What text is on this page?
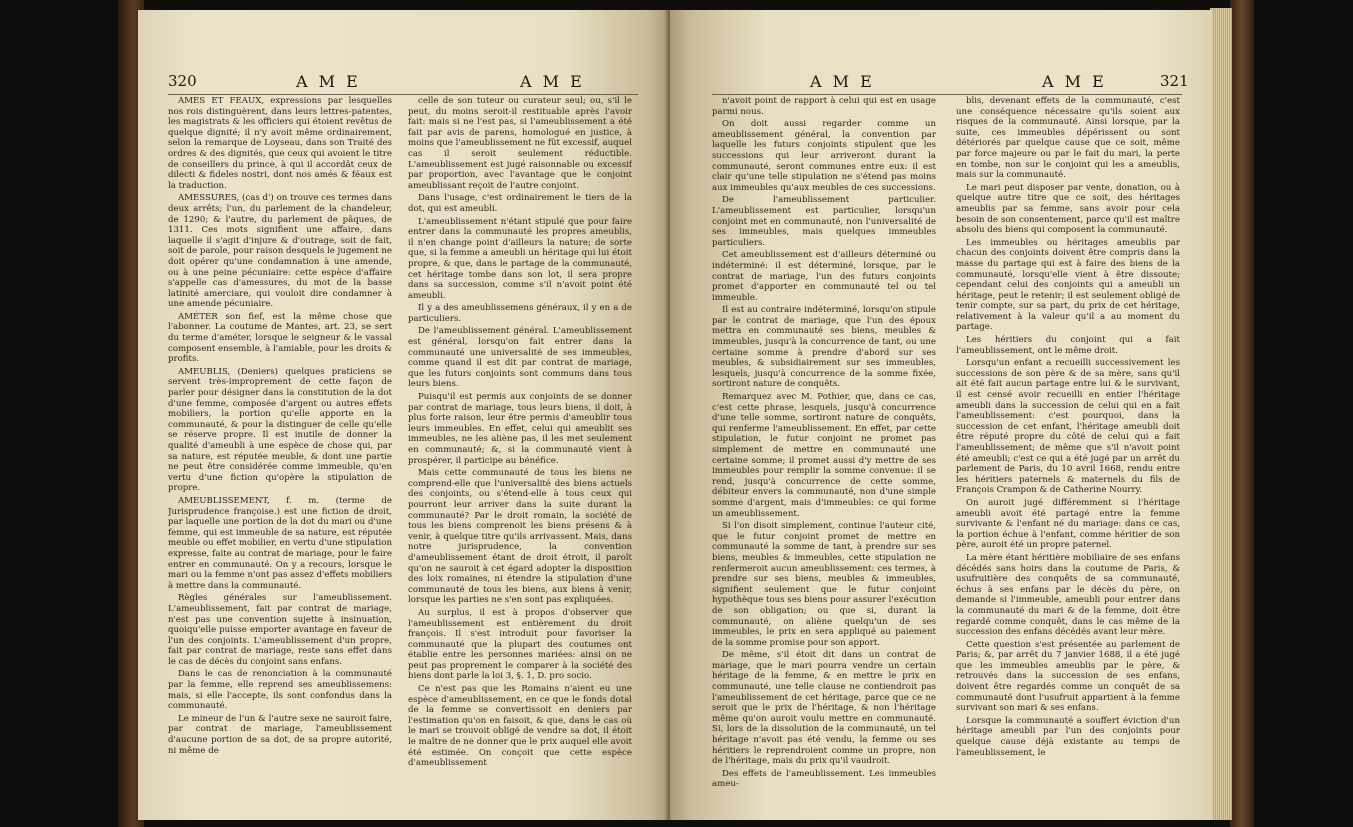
320	A M E	A M E

AMÉS ET FÉAUX, expressions par lesquelles nos rois distinguèrent, dans leurs lettres-patentes, les magistrats & les officiers qui étoient revêtus de quelque dignité; il n'y avoit même ordinairement, selon la remarque de Loyseau, dans son Traité des ordres & des dignités, que ceux qui avoient le titre de conseillers du prince, à qui il accordât ceux de dilecti & fideles nostri, dont nos amés & féaux est la traduction.

AMESSURES, (cas d') on trouve ces termes dans deux arrêts; l'un, du parlement de la chandeleur, de 1290; & l'autre, du parlement de pâques, de 1311. Ces mots signifient une affaire, dans laquelle il s'agit d'injure & d'outrage, soit de fait, soit de parole, pour raison desquels le jugement ne doit opérer qu'une condamnation à une amende, ou à une peine pécuniaire: cette espèce d'affaire s'appelle cas d'amessures, du mot de la basse latinité amerciare, qui vouloit dire condamner à une amende pécuniaire.

AMÉTER son fief, est la même chose que l'abonner. La coutume de Mantes, art. 23, se sert du terme d'améter, lorsque le seigneur & le vassal composent ensemble, à l'amiable, pour les droits & profits.

AMEUBLIS, (Deniers) quelques praticiens se servent très-improprement de cette façon de parler pour désigner dans la constitution de la dot d'une femme, composée d'argent ou autres effets mobiliers, la portion qu'elle apporte en la communauté, & pour la distinguer de celle qu'elle se réserve propre. Il est inutile de donner la qualité d'ameubli à une espèce de chose qui, par sa nature, est réputée meuble, & dont une partie ne peut être considérée comme immeuble, qu'en vertu d'une fiction qu'opère la stipulation de propre.

AMEUBLISSEMENT, f. m. (terme de Jurisprudence françoise.) est une fiction de droit, par laquelle une portion de la dot du mari ou d'une femme, qui est immeuble de sa nature, est réputée meuble ou effet mobilier, en vertu d'une stipulation expresse, faite au contrat de mariage, pour le faire entrer en communauté. On y a recours, lorsque le mari ou la femme n'ont pas assez d'effets mobiliers à mettre dans la communauté.

Règles générales sur l'ameublissement. L'ameublissement, fait par contrat de mariage, n'est pas une convention sujette à insinuation, quoiqu'elle puisse emporter avantage en faveur de l'un des conjoints. L'ameublissement d'un propre, fait par contrat de mariage, reste sans effet dans le cas de décès du conjoint sans enfans.

Dans le cas de renonciation à la communauté par la femme, elle reprend ses ameublissemens: mais, si elle l'accepte, ils sont confondus dans la communauté.

Le mineur de l'un & l'autre sexe ne sauroit faire, par contrat de mariage, l'ameublissement d'aucune portion de sa dot, de sa propre autorité, ni même de

celle de son tuteur ou curateur seul; ou, s'il le peut, du moins seroit-il restituable après l'avoir fait: mais si ne l'est pas, si l'ameublissement a été fait par avis de parens, homologué en justice, à moins que l'ameublissement ne fût excessif, auquel cas il seroit seulement réductible. L'ameublissement est jugé raisonnable ou excessif par proportion, avec l'avantage que le conjoint ameublissant reçoit de l'autre conjoint.

Dans l'usage, c'est ordinairement le tiers de la dot, qui est ameubli.

L'ameublissement n'étant stipulé que pour faire entrer dans la communauté les propres ameublis, il n'en change point d'ailleurs la nature; de sorte que, si la femme a ameubli un héritage qui lui étoit propre, & que, dans le partage de la communauté, cet héritage tombe dans son lot, il sera propre dans sa succession, comme s'il n'avoit point été ameubli.

Il y a des ameublissemens généraux, il y en a de particuliers.

De l'ameublissement général. L'ameublissement est général, lorsqu'on fait entrer dans la communauté une universalité de ses immeubles, comme quand il est dit par contrat de mariage, que les futurs conjoints sont communs dans tous leurs biens.

Puisqu'il est permis aux conjoints de se donner par contrat de mariage, tous leurs biens, il doit, à plus forte raison, leur être permis d'ameublir tous leurs immeubles. En effet, celui qui ameublit ses immeubles, ne les aliène pas, il les met seulement en communauté; &, si la communauté vient à prospérer, il participe au bénéfice.

Mais cette communauté de tous les biens ne comprend-elle que l'universalité des biens actuels des conjoints, ou s'étend-elle à tous ceux qui pourront leur arriver dans la suite durant la communauté? Par le droit romain, la société de tous les biens comprenoit les biens présens & à venir, à quelque titre qu'ils arrivassent. Mais, dans notre jurisprudence, la convention d'ameublissement étant de droit étroit, il paroît qu'on ne sauroit à cet égard adopter la disposition des loix romaines, ni étendre la stipulation d'une communauté de tous les biens, aux biens à venir, lorsque les parties ne s'en sont pas expliquées.

Au surplus, il est à propos d'observer que l'ameublissement est entièrement du droit françois. Il s'est introduit pour favoriser la communauté que la plupart des coutumes ont établie entre les personnes mariées: ainsi on ne peut pas proprement le comparer à la société des biens dont parle la loi 3, §. 1, D. pro socio.

Ce n'est pas que les Romains n'aient eu une espèce d'ameublissement, en ce que le fonds dotal de la femme se convertissoit en deniers par l'estimation qu'on en faisoit, & que, dans le cas où le mari se trouvoit obligé de vendre sa dot, il étoit le maître de ne donner que le prix auquel elle avoit été estimée. On conçoit que cette espèce d'ameublissement

A M E	A M E	321

n'avoit point de rapport à celui qui est en usage parmi nous.

On doit aussi regarder comme un ameublissement général, la convention par laquelle les futurs conjoints stipulent que les successions qui leur arriveront durant la communauté, seront communes entre eux: il est clair qu'une telle stipulation ne s'étend pas moins aux immeubles qu'aux meubles de ces successions.

De l'ameublissement particulier. L'ameublissement est particulier, lorsqu'un conjoint met en communauté, non l'universalité de ses immeubles, mais quelques immeubles particuliers.

Cet ameublissement est d'ailleurs déterminé ou indéterminé: il est déterminé, lorsque, par le contrat de mariage, l'un des futurs conjoints promet d'apporter en communauté tel ou tel immeuble.

Il est au contraire indéterminé, lorsqu'on stipule par le contrat de mariage, que l'un des époux mettra en communauté ses biens, meubles & immeubles, jusqu'à la concurrence de tant, ou une certaine somme à prendre d'abord sur ses meubles, & subsidiairement sur ses immeubles, lesquels, jusqu'à concurrence de la somme fixée, sortiront nature de conquêts.

Remarquez avec M. Pothier, que, dans ce cas, c'est cette phrase, lesquels, jusqu'à concurrence d'une telle somme, sortiront nature de conquêts, qui renferme l'ameublissement. En effet, par cette stipulation, le futur conjoint ne promet pas simplement de mettre en communauté une certaine somme; il promet aussi d'y mettre de ses immeubles pour remplir la somme convenue: il se rend, jusqu'à concurrence de cette somme, débiteur envers la communauté, non d'une simple somme d'argent, mais d'immeubles: ce qui forme un ameublissement.

Si l'on disoit simplement, continue l'auteur cité, que le futur conjoint promet de mettre en communauté la somme de tant, à prendre sur ses biens, meubles & immeubles, cette stipulation ne renfermeroit aucun ameublissement: ces termes, à prendre sur ses biens, meubles & immeubles, signifient seulement que le futur conjoint hypothèque tous ses biens pour assurer l'exécution de son obligation; ou que si, durant la communauté, on aliène quelqu'un de ses immeubles, le prix en sera appliqué au paiement de la somme promise pour son apport.

De même, s'il étoit dit dans un contrat de mariage, que le mari pourra vendre un certain héritage de la femme, & en mettre le prix en communauté, une telle clause ne contiendroit pas l'ameublissement de cet héritage, parce que ce ne seroit que le prix de l'héritage, & non l'héritage même qu'on auroit voulu mettre en communauté. Si, lors de la dissolution de la communauté, un tel héritage n'avoit pas été vendu, la femme ou ses héritiers le reprendroient comme un propre, non de l'héritage, mais du prix qu'il vaudroit.

Des effets de l'ameublissement. Les immeubles ameu-

blis, devenant effets de la communauté, c'est une conséquence nécessaire qu'ils soient aux risques de la communauté. Ainsi lorsque, par la suite, ces immeubles dépérissent ou sont détériorés par quelque cause que ce soit, même par force majeure ou par le fait du mari, la perte en tombe, non sur le conjoint qui les a ameublis, mais sur la communauté.

Le mari peut disposer par vente, donation, ou à quelque autre titre que ce soit, des héritages ameublis par sa femme, sans avoir pour cela besoin de son consentement, parce qu'il est maître absolu des biens qui composent la communauté.

Les immeubles ou héritages ameublis par chacun des conjoints doivent être compris dans la masse du partage qui est à faire des biens de la communauté, lorsqu'elle vient à être dissoute; cependant celui des conjoints qui a ameubli un héritage, peut le retenir; il est seulement obligé de tenir compte, sur sa part, du prix de cet héritage, relativement à la valeur qu'il a au moment du partage.

Les héritiers du conjoint qui a fait l'ameublissement, ont le même droit.

Lorsqu'un enfant a recueilli successivement les successions de son père & de sa mère, sans qu'il ait été fait aucun partage entre lui & le survivant, il est censé avoir recueilli en entier l'héritage ameubli dans la succession de celui qui en a fait l'ameublissement: c'est pourquoi, dans la succession de cet enfant, l'héritage ameubli doit être réputé propre du côté de celui qui a fait l'ameublissement; de même que s'il n'avoit point été ameubli; c'est ce qui a été jugé par un arrêt du parlement de Paris, du 10 avril 1668, rendu entre les héritiers paternels & maternels du fils de François Crampon & de Catherine Nourry.

On auroit jugé différemment si l'héritage ameubli avoit été partagé entre la femme survivante & l'enfant né du mariage: dans ce cas, la portion échue à l'enfant, comme héritier de son père, auroit été un propre paternel.

La mère étant héritière mobiliaire de ses enfans décédés sans hoirs dans la coutume de Paris, & usufruitière des conquêts de sa communauté, échus à ses enfans par le décès du père, on demande si l'immeuble, ameubli pour entrer dans la communauté du mari & de la femme, doit être regardé comme conquêt, dans le cas même de la succession des enfans décédés avant leur mère.

Cette question s'est présentée au parlement de Paris; &, par arrêt du 7 janvier 1688, il a été jugé que les immeubles ameublis par le père, & retrouvés dans la succession de ses enfans, doivent être regardés comme un conquêt de sa communauté dont l'usufruit appartient à la femme survivant son mari & ses enfans.

Lorsque la communauté a souffert éviction d'un héritage ameubli par l'un des conjoints pour quelque cause déjà existante au temps de l'ameublissement, le
